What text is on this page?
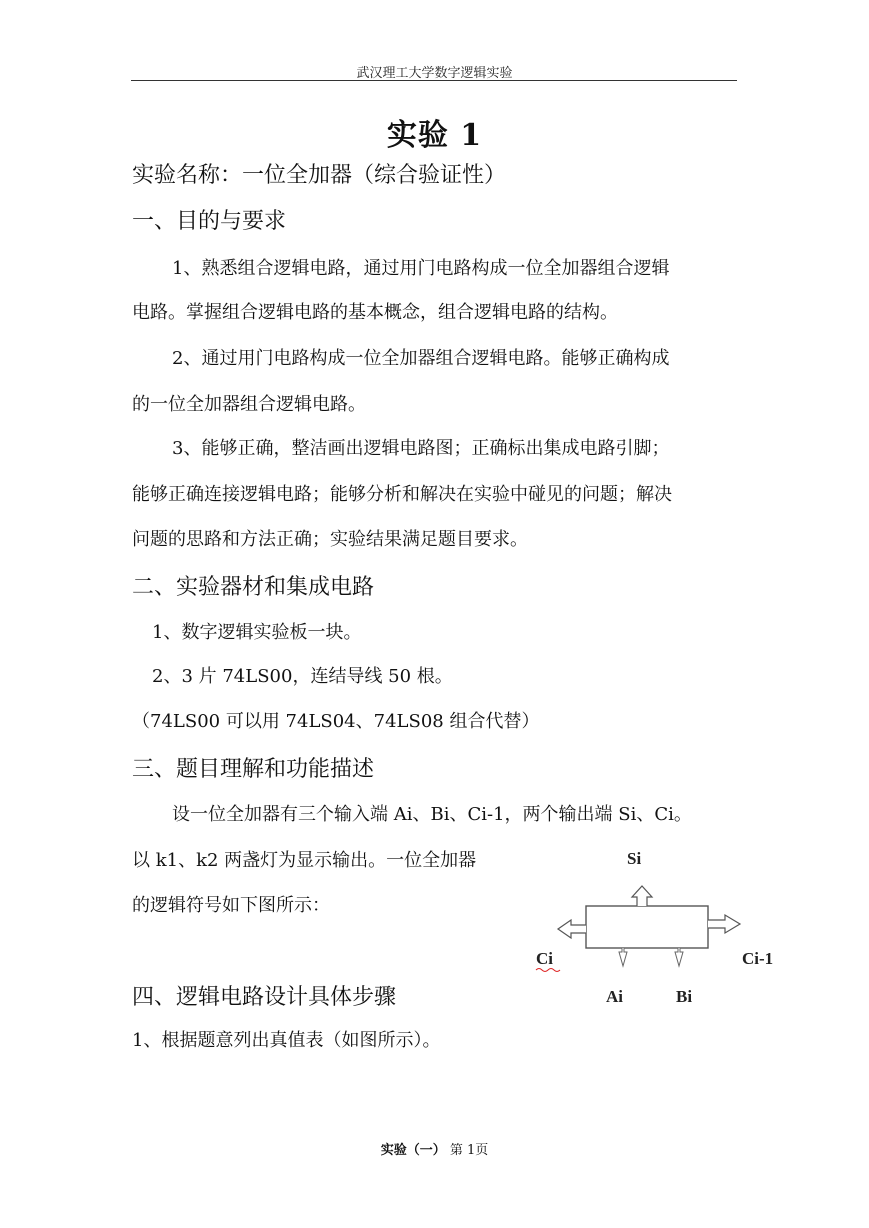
武汉理工大学数字逻辑实验
实验 1
实验名称：一位全加器（综合验证性）
一、目的与要求
1、熟悉组合逻辑电路，通过用门电路构成一位全加器组合逻辑
电路。掌握组合逻辑电路的基本概念，组合逻辑电路的结构。
2、通过用门电路构成一位全加器组合逻辑电路。能够正确构成
的一位全加器组合逻辑电路。
3、能够正确，整洁画出逻辑电路图；正确标出集成电路引脚；
能够正确连接逻辑电路；能够分析和解决在实验中碰见的问题；解决
问题的思路和方法正确；实验结果满足题目要求。
二、实验器材和集成电路
1、数字逻辑实验板一块。
2、3 片 74LS00，连结导线 50 根。
（74LS00 可以用 74LS04、74LS08 组合代替）
三、题目理解和功能描述
设一位全加器有三个输入端 Ai、Bi、Ci-1，两个输出端 Si、Ci。
以 k1、k2 两盏灯为显示输出。一位全加器
的逻辑符号如下图所示：
Si
Ci	Ci-1
Ai	Bi
四、逻辑电路设计具体步骤
1、根据题意列出真值表（如图所示）。
实验（一） 第 1页
